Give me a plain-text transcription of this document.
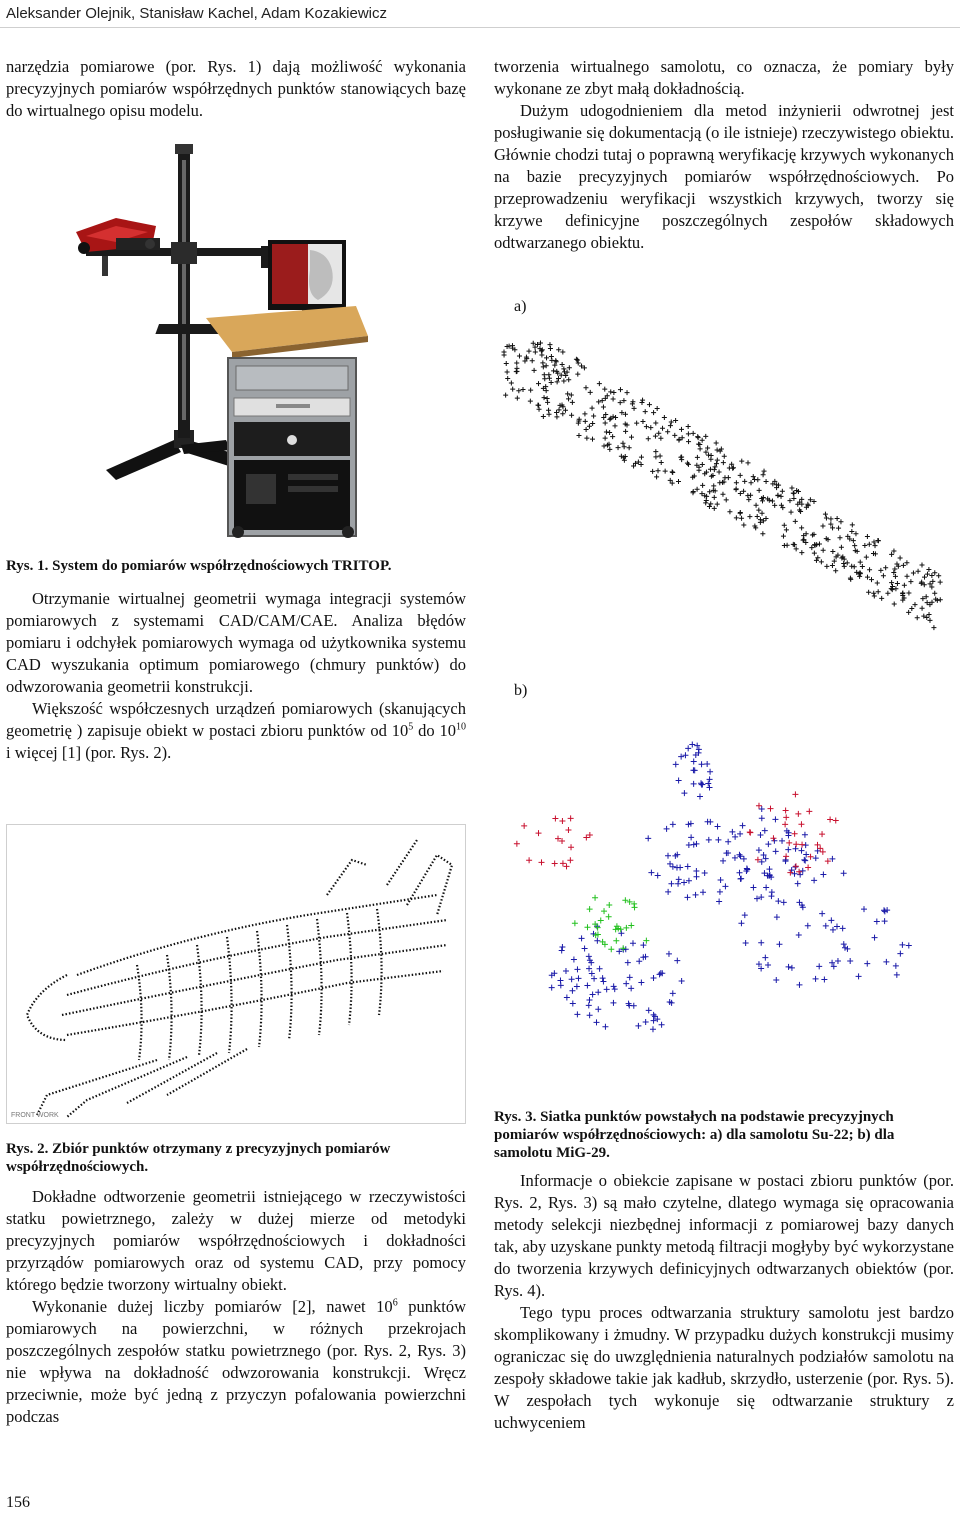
Aleksander Olejnik, Stanisław Kachel, Adam Kozakiewicz

narzędzia pomiarowe (por. Rys. 1) dają możliwość wykonania precyzyjnych pomiarów współrzędnych punktów stanowiących bazę do wirtualnego opisu modelu.

Rys. 1. System do pomiarów współrzędnościowych TRITOP.

Otrzymanie wirtualnej geometrii wymaga integracji systemów pomiarowych z systemami CAD/CAM/CAE. Analiza błędów pomiaru i odchyłek pomiarowych wymaga od użytkownika systemu CAD wyszukania optimum pomiarowego (chmury punktów) do odwzorowania geometrii konstrukcji.

Większość współczesnych urządzeń pomiarowych (skanujących geometrię ) zapisuje obiekt w postaci zbioru punktów od $10^5$ do $10^{10}$ i więcej [1] (por. Rys. 2).

FRONT WORK
Rys. 2. Zbiór punktów otrzymany z precyzyjnych pomiarów współrzędnościowych.

Dokładne odtworzenie geometrii istniejącego w rzeczywistości statku powietrznego, zależy w dużej mierze od metodyki precyzyjnych pomiarów współrzędnościowych i dokładności przyrządów pomiarowych oraz od systemu CAD, przy pomocy którego będzie tworzony wirtualny obiekt.

Wykonanie dużej liczby pomiarów [2], nawet $10^6$ punktów pomiarowych na powierzchni, w różnych przekrojach poszczególnych zespołów statku powietrznego (por. Rys. 2, Rys. 3) nie wpływa na dokładność odwzorowania konstrukcji. Wręcz przeciwnie, może być jedną z przyczyn pofalowania powierzchni podczas

tworzenia wirtualnego samolotu, co oznacza, że pomiary były wykonane ze zbyt małą dokładnością.

Dużym udogodnieniem dla metod inżynierii odwrotnej jest posługiwanie się dokumentacją (o ile istnieje) rzeczywistego obiektu. Głównie chodzi tutaj o poprawną weryfikację krzywych wykonanych na bazie precyzyjnych pomiarów współrzędnościowych. Po przeprowadzeniu weryfikacji wszystkich krzywych, tworzy się krzywe definicyjne poszczególnych zespołów składowych odtwarzanego obiektu.

a)
b)
Rys. 3. Siatka punktów powstałych na podstawie precyzyjnych pomiarów współrzędnościowych: a) dla samolotu Su-22; b) dla samolotu MiG-29.

Informacje o obiekcie zapisane w postaci zbioru punktów (por. Rys. 2, Rys. 3) są mało czytelne, dlatego wymaga się opracowania metody selekcji niezbędnej informacji z pomiarowej bazy danych tak, aby uzyskane punkty metodą filtracji mogłyby być wykorzystane do tworzenia krzywych definicyjnych odtwarzanych obiektów (por. Rys. 4).

Tego typu proces odtwarzania struktury samolotu jest bardzo skomplikowany i żmudny. W przypadku dużych konstrukcji musimy ograniczac się do uwzględnienia naturalnych podziałów samolotu na zespoły składowe takie jak kadłub, skrzydło, usterzenie (por. Rys. 5). W zespołach tych wykonuje się odtwarzanie struktury z uchwyceniem

156
